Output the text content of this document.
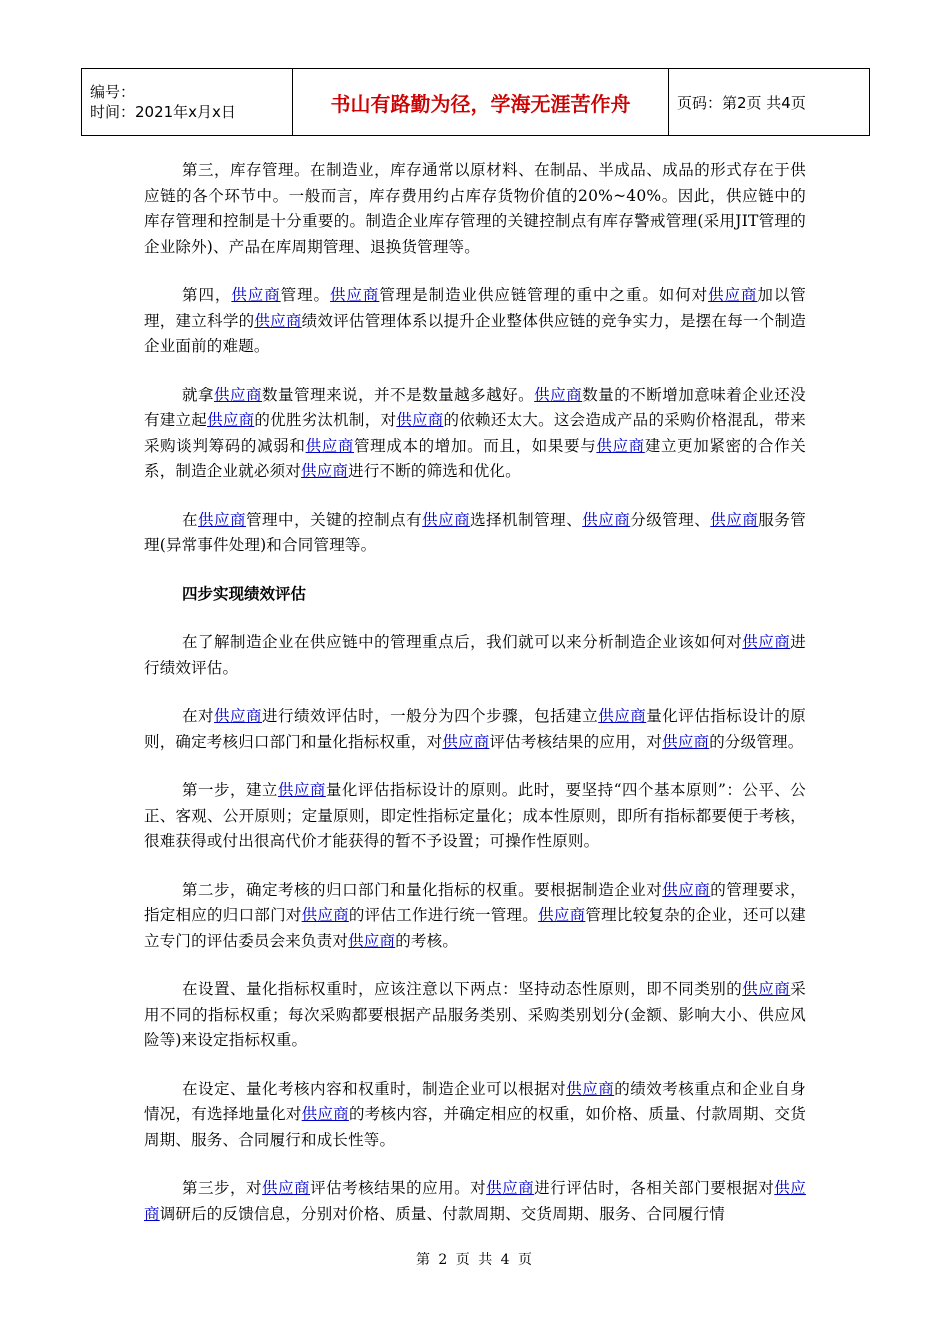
编号：
时间：2021年x月x日	书山有路勤为径，学海无涯苦作舟	页码：第2页 共4页

第三，库存管理。在制造业，库存通常以原材料、在制品、半成品、成品的形式存在于供应链的各个环节中。一般而言，库存费用约占库存货物价值的20%~40%。因此，供应链中的库存管理和控制是十分重要的。制造企业库存管理的关键控制点有库存警戒管理(采用JIT管理的企业除外)、产品在库周期管理、退换货管理等。

第四，供应商管理。供应商管理是制造业供应链管理的重中之重。如何对供应商加以管理，建立科学的供应商绩效评估管理体系以提升企业整体供应链的竞争实力，是摆在每一个制造企业面前的难题。

就拿供应商数量管理来说，并不是数量越多越好。供应商数量的不断增加意味着企业还没有建立起供应商的优胜劣汰机制，对供应商的依赖还太大。这会造成产品的采购价格混乱，带来采购谈判筹码的减弱和供应商管理成本的增加。而且，如果要与供应商建立更加紧密的合作关系，制造企业就必须对供应商进行不断的筛选和优化。

在供应商管理中，关键的控制点有供应商选择机制管理、供应商分级管理、供应商服务管理(异常事件处理)和合同管理等。

四步实现绩效评估

在了解制造企业在供应链中的管理重点后，我们就可以来分析制造企业该如何对供应商进行绩效评估。

在对供应商进行绩效评估时，一般分为四个步骤，包括建立供应商量化评估指标设计的原则，确定考核归口部门和量化指标权重，对供应商评估考核结果的应用，对供应商的分级管理。

第一步，建立供应商量化评估指标设计的原则。此时，要坚持“四个基本原则”：公平、公正、客观、公开原则；定量原则，即定性指标定量化；成本性原则，即所有指标都要便于考核，很难获得或付出很高代价才能获得的暂不予设置；可操作性原则。

第二步，确定考核的归口部门和量化指标的权重。要根据制造企业对供应商的管理要求，指定相应的归口部门对供应商的评估工作进行统一管理。供应商管理比较复杂的企业，还可以建立专门的评估委员会来负责对供应商的考核。

在设置、量化指标权重时，应该注意以下两点：坚持动态性原则，即不同类别的供应商采用不同的指标权重；每次采购都要根据产品服务类别、采购类别划分(金额、影响大小、供应风险等)来设定指标权重。

在设定、量化考核内容和权重时，制造企业可以根据对供应商的绩效考核重点和企业自身情况，有选择地量化对供应商的考核内容，并确定相应的权重，如价格、质量、付款周期、交货周期、服务、合同履行和成长性等。

第三步，对供应商评估考核结果的应用。对供应商进行评估时，各相关部门要根据对供应商调研后的反馈信息，分别对价格、质量、付款周期、交货周期、服务、合同履行情

第 2 页 共 4 页
